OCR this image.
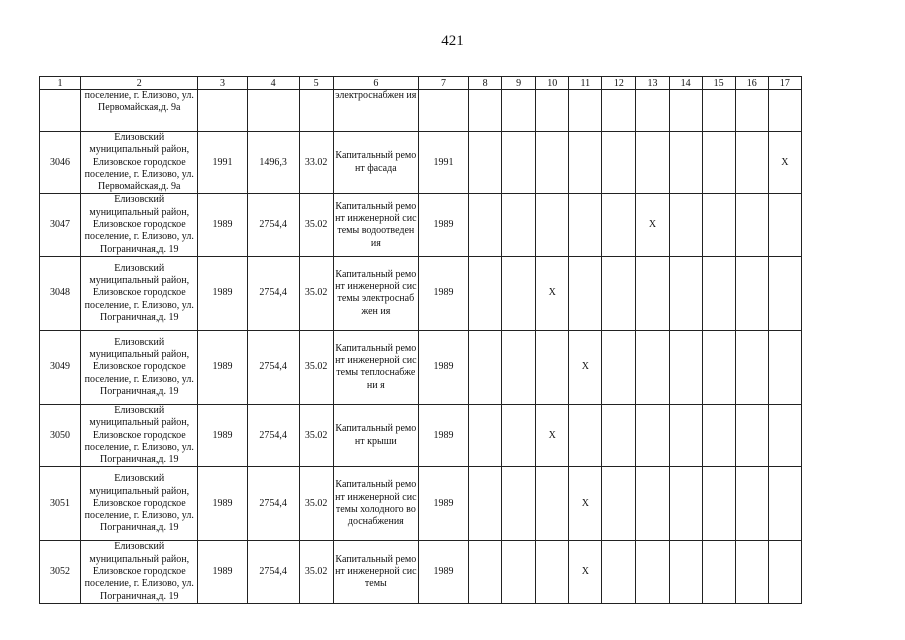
421
1	2	3	4	5	6	7	8	9	10	11	12	13	14	15	16	17
	поселение, г. Елизово, ул. Первомайская,д. 9а				электроснабжен ия											
3046	Елизовский муниципальный район, Елизовское городское поселение, г. Елизово, ул. Первомайская,д. 9а	1991	1496,3	33.02	Капитальный ремонт фасада	1991										X
3047	Елизовский муниципальный район, Елизовское городское поселение, г. Елизово, ул. Пограничная,д. 19	1989	2754,4	35.02	Капитальный ремонт инженерной системы водоотведения	1989						X				
3048	Елизовский муниципальный район, Елизовское городское поселение, г. Елизово, ул. Пограничная,д. 19	1989	2754,4	35.02	Капитальный ремонт инженерной системы электроснабжен ия	1989			X							
3049	Елизовский муниципальный район, Елизовское городское поселение, г. Елизово, ул. Пограничная,д. 19	1989	2754,4	35.02	Капитальный ремонт инженерной системы теплоснабжени я	1989				X						
3050	Елизовский муниципальный район, Елизовское городское поселение, г. Елизово, ул. Пограничная,д. 19	1989	2754,4	35.02	Капитальный ремонт крыши	1989			X							
3051	Елизовский муниципальный район, Елизовское городское поселение, г. Елизово, ул. Пограничная,д. 19	1989	2754,4	35.02	Капитальный ремонт инженерной системы холодного водоснабжения	1989				X						
3052	Елизовский муниципальный район, Елизовское городское поселение, г. Елизово, ул. Пограничная,д. 19	1989	2754,4	35.02	Капитальный ремонт инженерной системы	1989				X						
